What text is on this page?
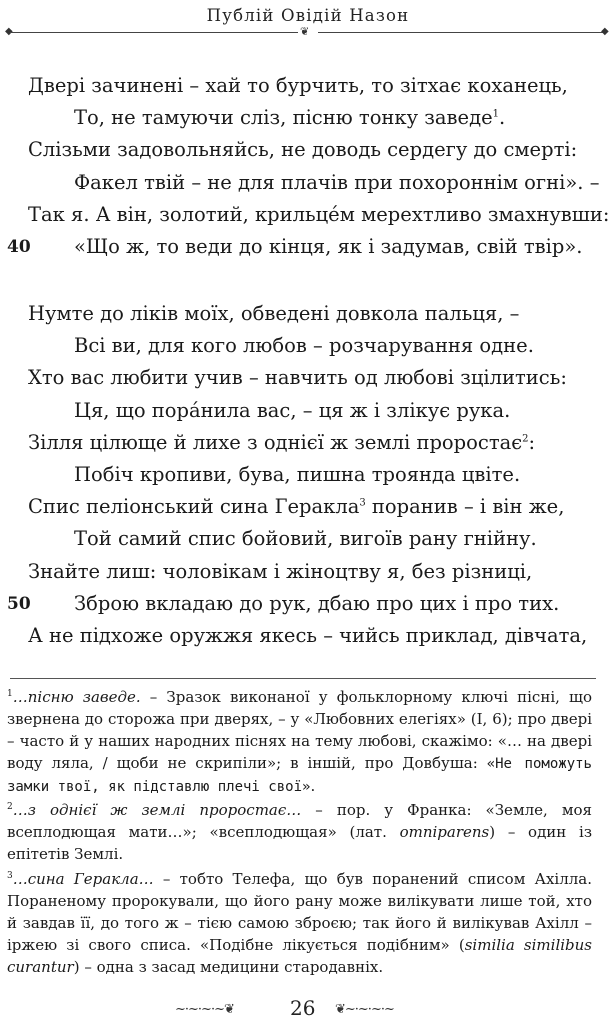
Публій Овідій Назон
◆	❦	◆
Двері зачинені – хай то бурчить, то зітхає коханець,
То, не тамуючи сліз, пісню тонку заведе$^1$.
Слізьми задовольняйсь, не доводь сердегу до смерті:
Факел твій – не для плачів при похороннім огні». –
Так я. А він, золотий, крильцéм мерехтливо змахнувши:
40 «Що ж, то веди до кінця, як і задумав, свій твір».
Нумте до ліків моїх, обведені довкола пальця, –
Всі ви, для кого любов – розчарування одне.
Хто вас любити учив – навчить од любові зцілитись:
Ця, що порáнила вас, – ця ж і злікує рука.
Зілля цілюще й лихе з однієї ж землі проростає$^2$:
Побіч кропиви, бува, пишна троянда цвіте.
Спис пеліонський сина Геракла$^3$ поранив – і він же,
Той самий спис бойовий, вигоїв рану гнійну.
Знайте лиш: чоловікам і жіноцтву я, без різниці,
50 Зброю вкладаю до рук, дбаю про цих і про тих.
А не підхоже оружжя якесь – чийсь приклад, дівчата,
$^1$…пісню заведе. – Зразок виконаної у фольклорному ключі пісні, що звернена до сторожа при дверях, – у «Любовних елегіях» (І, 6); про двері – часто й у наших народних піснях на тему любові, скажімо: «… на двері воду ляла, / щоби не скрипіли»; в іншій, про Довбуша: «Не поможуть замки твої, як підставлю плечі свої».
$^2$…з однієї ж землі проростає… – пор. у Франка: «Земле, моя всеплодющая мати…»; «всеплодющая» (лат. omniparens) – один із епітетів Землі.
$^3$…сина Геракла… – тобто Телефа, що був поранений списом Ахілла. Пораненому пророкували, що його рану може вилікувати лише той, хто й завдав її, до того ж – тією самою зброєю; так його й вилікував Ахілл – іржею зі свого списа. «Подібне лікується подібним» (similia similibus curantur) – одна з засад медицини стародавніх.
~·~·~·~❦	26 ❦~·~·~·~
